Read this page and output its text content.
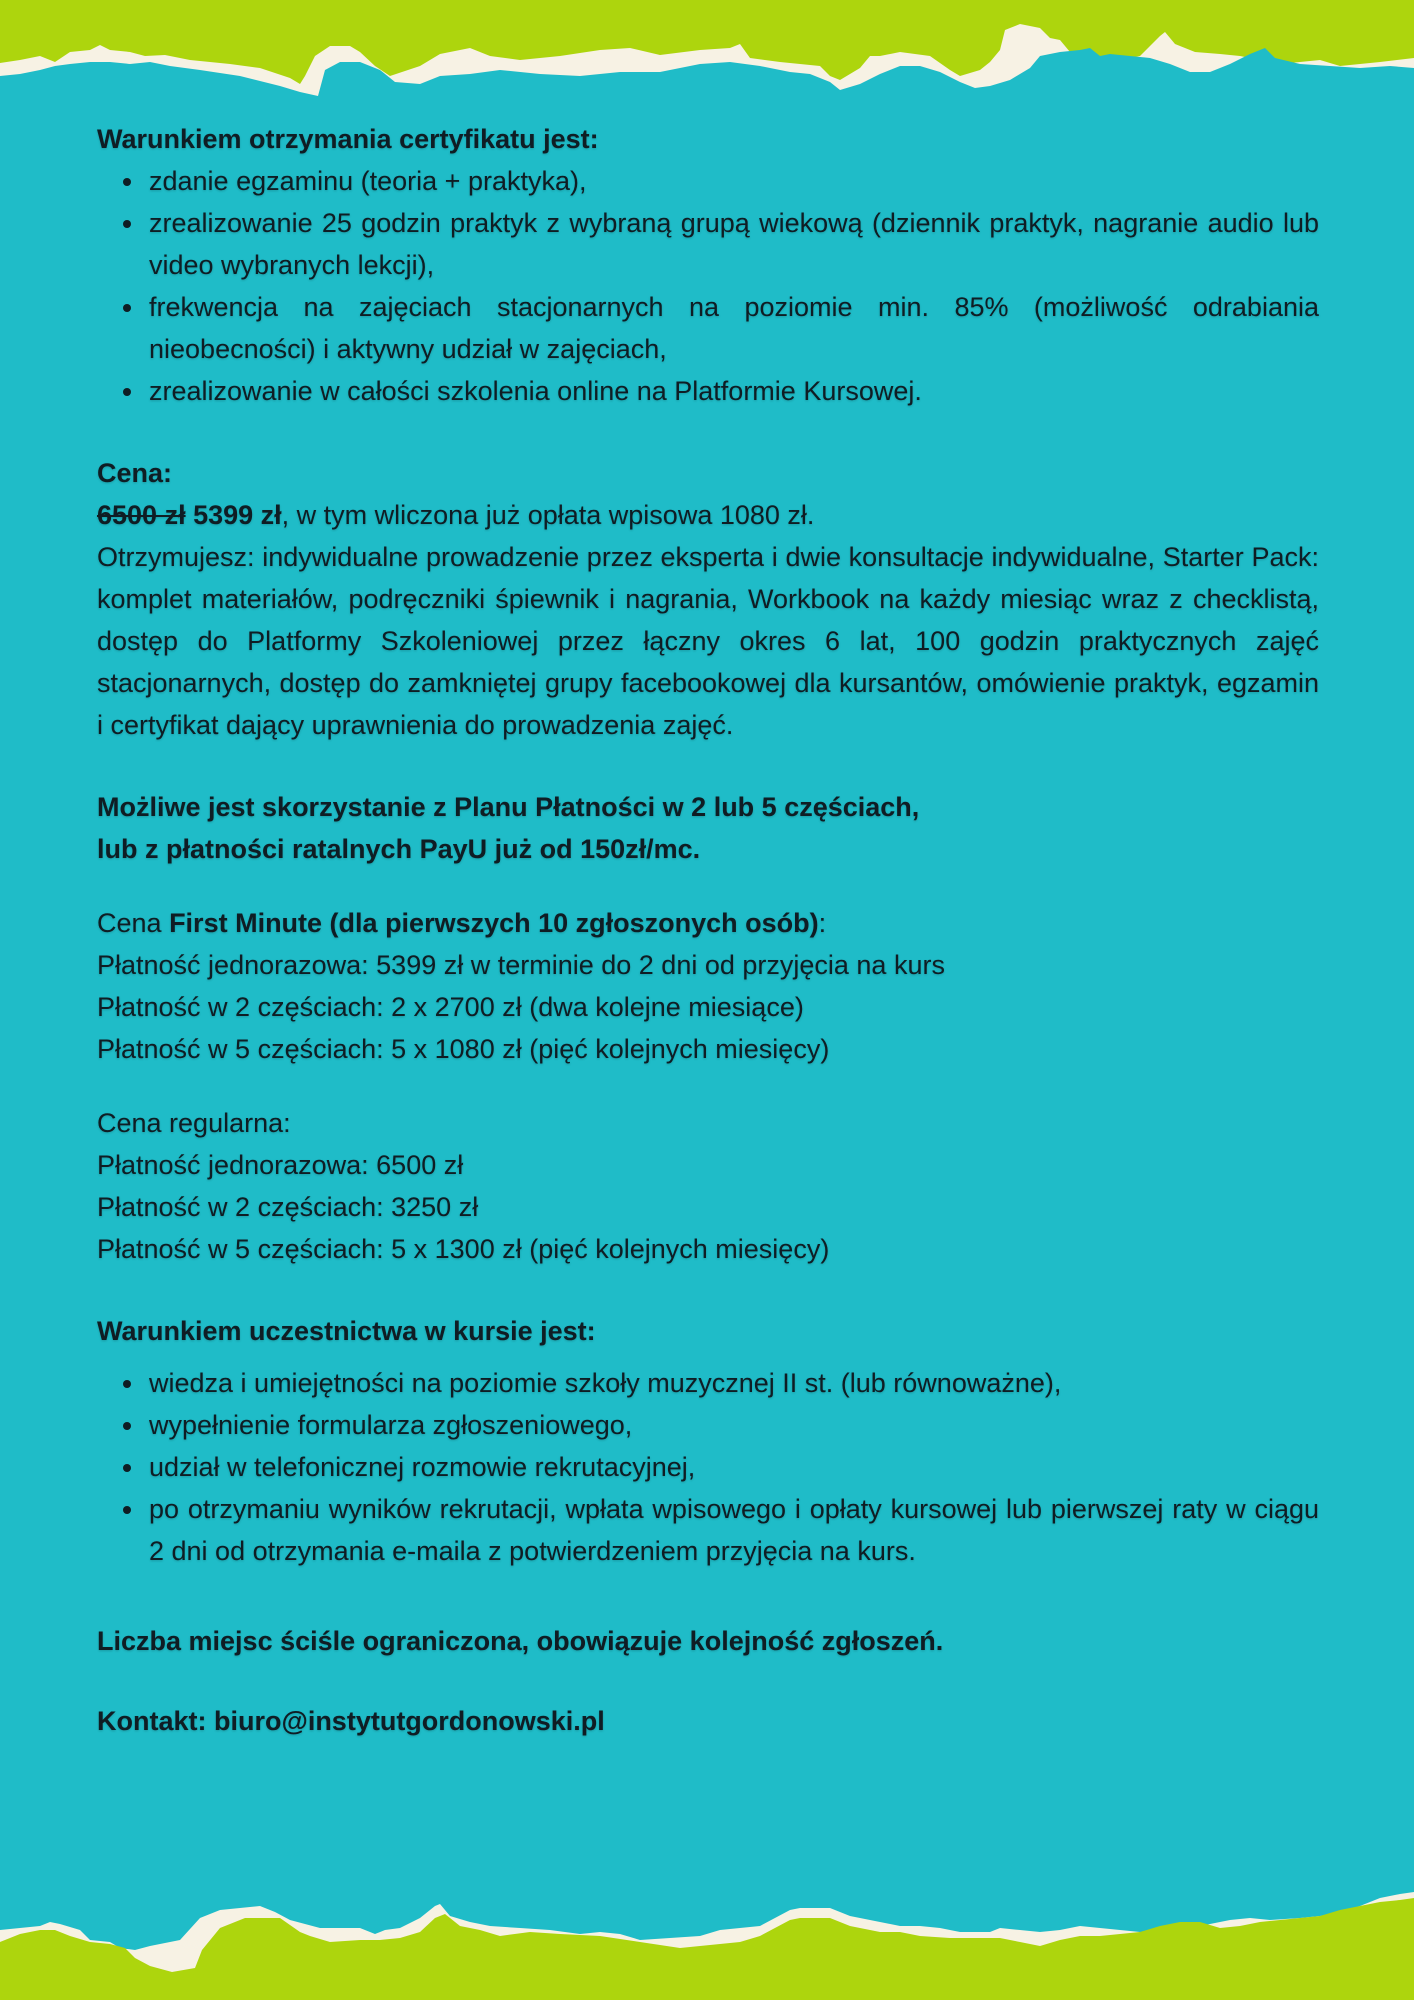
Warunkiem otrzymania certyfikatu jest:

zdanie egzaminu (teoria + praktyka),
zrealizowanie 25 godzin praktyk z wybraną grupą wiekową (dziennik praktyk, nagranie audio lub video wybranych lekcji),
frekwencja na zajęciach stacjonarnych na poziomie min. 85% (możliwość odrabiania nieobecności) i aktywny udział w zajęciach,
zrealizowanie w całości szkolenia online na Platformie Kursowej.

Cena:

6500 zł 5399 zł, w tym wliczona już opłata wpisowa 1080 zł.

Otrzymujesz: indywidualne prowadzenie przez eksperta i dwie konsultacje indywidualne, Starter Pack: komplet materiałów, podręczniki śpiewnik i nagrania, Workbook na każdy miesiąc wraz z checklistą, dostęp do Platformy Szkoleniowej przez łączny okres 6 lat, 100 godzin praktycznych zajęć stacjonarnych, dostęp do zamkniętej grupy facebookowej dla kursantów, omówienie praktyk, egzamin i certyfikat dający uprawnienia do prowadzenia zajęć.

Możliwe jest skorzystanie z Planu Płatności w 2 lub 5 częściach,
lub z płatności ratalnych PayU już od 150zł/mc.

Cena First Minute (dla pierwszych 10 zgłoszonych osób):

Płatność jednorazowa: 5399 zł w terminie do 2 dni od przyjęcia na kurs

Płatność w 2 częściach: 2 x 2700 zł (dwa kolejne miesiące)

Płatność w 5 częściach: 5 x 1080 zł (pięć kolejnych miesięcy)

Cena regularna:

Płatność jednorazowa: 6500 zł

Płatność w 2 częściach: 3250 zł

Płatność w 5 częściach: 5 x 1300 zł (pięć kolejnych miesięcy)

Warunkiem uczestnictwa w kursie jest:

wiedza i umiejętności na poziomie szkoły muzycznej II st. (lub równoważne),
wypełnienie formularza zgłoszeniowego,
udział w telefonicznej rozmowie rekrutacyjnej,
po otrzymaniu wyników rekrutacji, wpłata wpisowego i opłaty kursowej lub pierwszej raty w ciągu 2 dni od otrzymania e-maila z potwierdzeniem przyjęcia na kurs.

Liczba miejsc ściśle ograniczona, obowiązuje kolejność zgłoszeń.

Kontakt: biuro@instytutgordonowski.pl
